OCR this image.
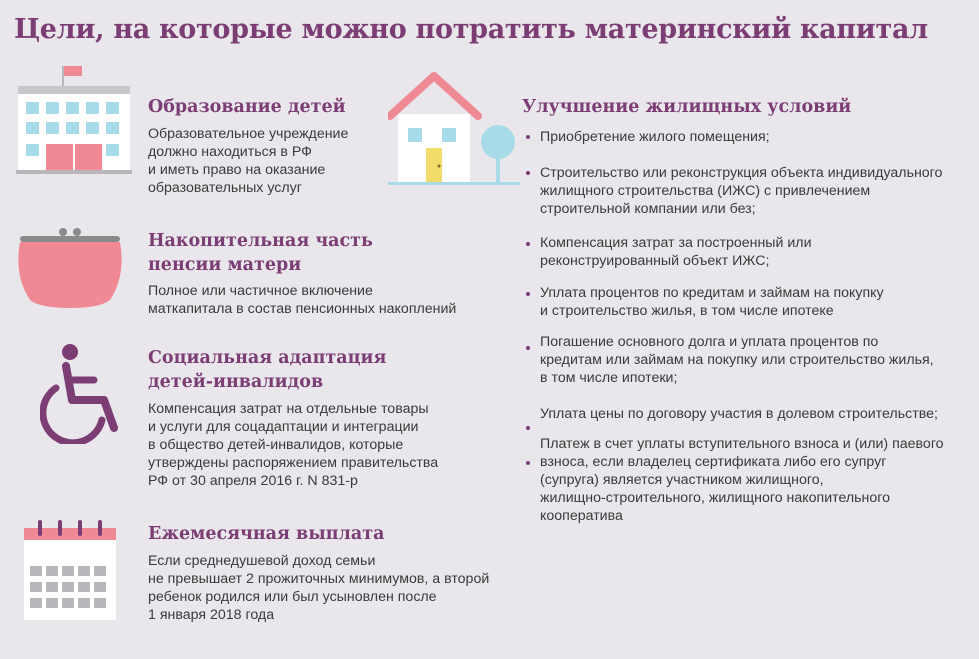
Цели, на которые можно потратить материнский капитал
Образование детей
Образовательное учреждение
должно находиться в РФ
и иметь право на оказание
образовательных услуг
Накопительная часть
пенсии матери
Полное или частичное включение
маткапитала в состав пенсионных накоплений
Социальная адаптация
детей-инвалидов
Компенсация затрат на отдельные товары
и услуги для соцадаптации и интеграции
в общество детей-инвалидов, которые
утверждены распоряжением правительства
РФ от 30 апреля 2016 г. N 831-р
Ежемесячная выплата
Если среднедушевой доход семьи
не превышает 2 прожиточных минимумов, а второй
ребенок родился или был усыновлен после
1 января 2018 года
Улучшение жилищных условий
Приобретение жилого помещения;
Строительство или реконструкция объекта индивидуального
жилищного строительства (ИЖС) с привлечением
строительной компании или без;
Компенсация затрат за построенный или
реконструированный объект ИЖС;
Уплата процентов по кредитам и займам на покупку
и строительство жилья, в том числе ипотеке
Погашение основного долга и уплата процентов по
кредитам или займам на покупку или строительство жилья,
в том числе ипотеки;
Уплата цены по договору участия в долевом строительстве;
Платеж в счет уплаты вступительного взноса и (или) паевого
взноса, если владелец сертификата либо его супруг
(супруга) является участником жилищного,
жилищно-строительного, жилищного накопительного
кооператива
